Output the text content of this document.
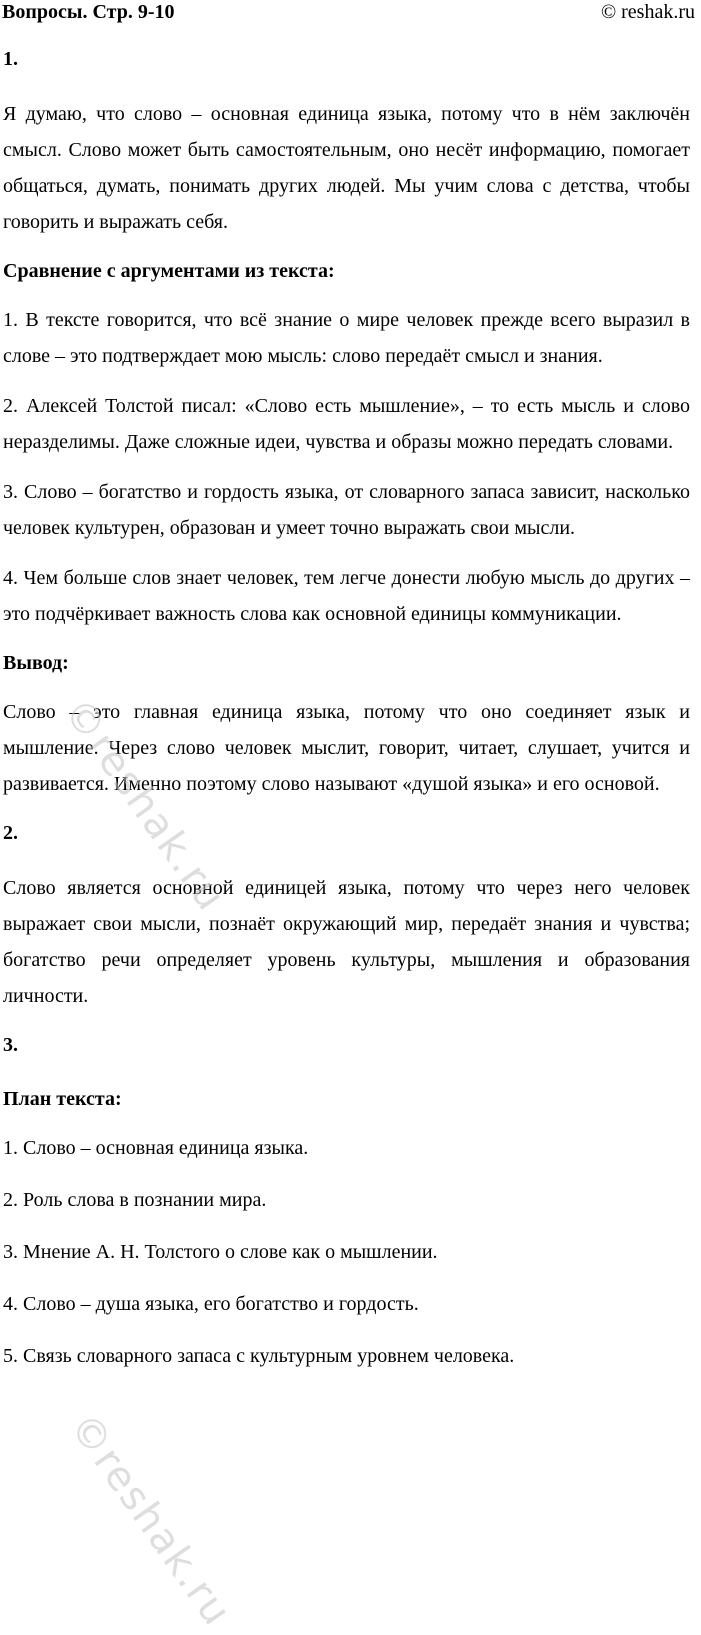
Вопросы. Стр. 9-10	© reshak.ru

1.

Я думаю, что слово – основная единица языка, потому что в нём заключён смысл. Слово может быть самостоятельным, оно несёт информацию, помогает общаться, думать, понимать других людей. Мы учим слова с детства, чтобы говорить и выражать себя.

Сравнение с аргументами из текста:

1. В тексте говорится, что всё знание о мире человек прежде всего выразил в слове – это подтверждает мою мысль: слово передаёт смысл и знания.

2. Алексей Толстой писал: «Слово есть мышление», – то есть мысль и слово неразделимы. Даже сложные идеи, чувства и образы можно передать словами.

3. Слово – богатство и гордость языка, от словарного запаса зависит, насколько человек культурен, образован и умеет точно выражать свои мысли.

4. Чем больше слов знает человек, тем легче донести любую мысль до других – это подчёркивает важность слова как основной единицы коммуникации.

Вывод:

Слово – это главная единица языка, потому что оно соединяет язык и мышление. Через слово человек мыслит, говорит, читает, слушает, учится и развивается. Именно поэтому слово называют «душой языка» и его основой.

2.

Слово является основной единицей языка, потому что через него человек выражает свои мысли, познаёт окружающий мир, передаёт знания и чувства; богатство речи определяет уровень культуры, мышления и образования личности.

3.

План текста:

1. Слово – основная единица языка.

2. Роль слова в познании мира.

3. Мнение А. Н. Толстого о слове как о мышлении.

4. Слово – душа языка, его богатство и гордость.

5. Связь словарного запаса с культурным уровнем человека.

©reshak.ru
©reshak.ru
